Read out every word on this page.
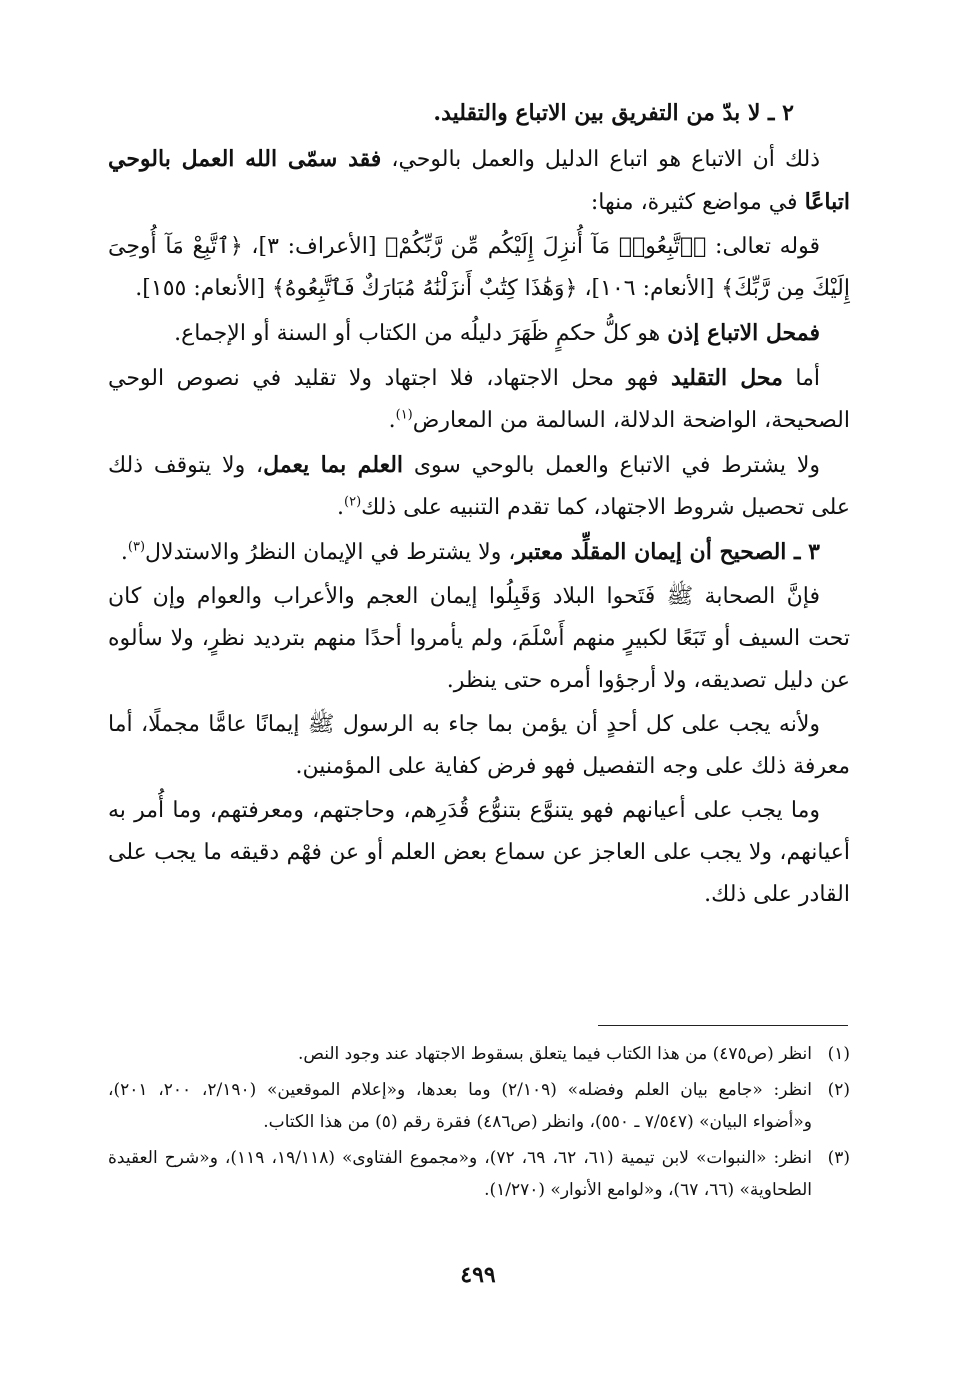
٢ ـ لا بدّ من التفريق بين الاتباع والتقليد.

ذلك أن الاتباع هو اتباع الدليل والعمل بالوحي، فقد سمّى الله العمل بالوحي اتباعًا في مواضع كثيرة، منها:

قوله تعالى: ﴿ٱتَّبِعُوا۟ مَآ أُنزِلَ إِلَيْكُم مِّن رَّبِّكُمْ﴾ [الأعراف: ٣]، ﴿ٱتَّبِعْ مَآ أُوحِىَ إِلَيْكَ مِن رَّبِّكَ﴾ [الأنعام: ١٠٦]، ﴿وَهَٰذَا كِتَٰبٌ أَنزَلْنَٰهُ مُبَارَكٌ فَٱتَّبِعُوهُ﴾ [الأنعام: ١٥٥].

فمحل الاتباع إذن هو كلُّ حكمٍ ظَهَرَ دليلُه من الكتاب أو السنة أو الإجماع.

أما محل التقليد فهو محل الاجتهاد، فلا اجتهاد ولا تقليد في نصوص الوحي الصحيحة، الواضحة الدلالة، السالمة من المعارض$^{(١)}$.

ولا يشترط في الاتباع والعمل بالوحي سوى العلم بما يعمل، ولا يتوقف ذلك على تحصيل شروط الاجتهاد، كما تقدم التنبيه على ذلك$^{(٢)}$.

٣ ـ الصحيح أن إيمان المقلِّد معتبر، ولا يشترط في الإيمان النظرُ والاستدلال$^{(٣)}$.

فإنَّ الصحابة ﷺ فَتَحوا البلاد وَقَبِلُوا إيمان العجم والأعراب والعوام وإن كان تحت السيف أو تَبَعًا لكبيرٍ منهم أَسْلَمَ، ولم يأمروا أحدًا منهم بترديد نظرٍ، ولا سألوه عن دليل تصديقه، ولا أرجؤوا أمره حتى ينظر.

ولأنه يجب على كل أحدٍ أن يؤمن بما جاء به الرسول ﷺ إيمانًا عامًّا مجملًا، أما معرفة ذلك على وجه التفصيل فهو فرض كفاية على المؤمنين.

وما يجب على أعيانهم فهو يتنوَّع بتنوُّع قُدَرِهم، وحاجتهم، ومعرفتهم، وما أُمر به أعيانهم، ولا يجب على العاجز عن سماع بعض العلم أو عن فهْم دقيقه ما يجب على القادر على ذلك.

(١)
انظر (ص٤٧٥) من هذا الكتاب فيما يتعلق بسقوط الاجتهاد عند وجود النص.
(٢)
انظر: «جامع بيان العلم وفضله» (٢/١٠٩) وما بعدها، و«إعلام الموقعين» (٢/١٩٠، ٢٠٠، ٢٠١)، و«أضواء البيان» (٧/٥٤٧ ـ ٥٥٠)، وانظر (ص٤٨٦) فقرة رقم (٥) من هذا الكتاب.
(٣)
انظر: «النبوات» لابن تيمية (٦١، ٦٢، ٦٩، ٧٢)، و«مجموع الفتاوى» (١٩/١١٨، ١١٩)، و«شرح العقيدة الطحاوية» (٦٦، ٦٧)، و«لوامع الأنوار» (١/٢٧٠).
٤٩٩
